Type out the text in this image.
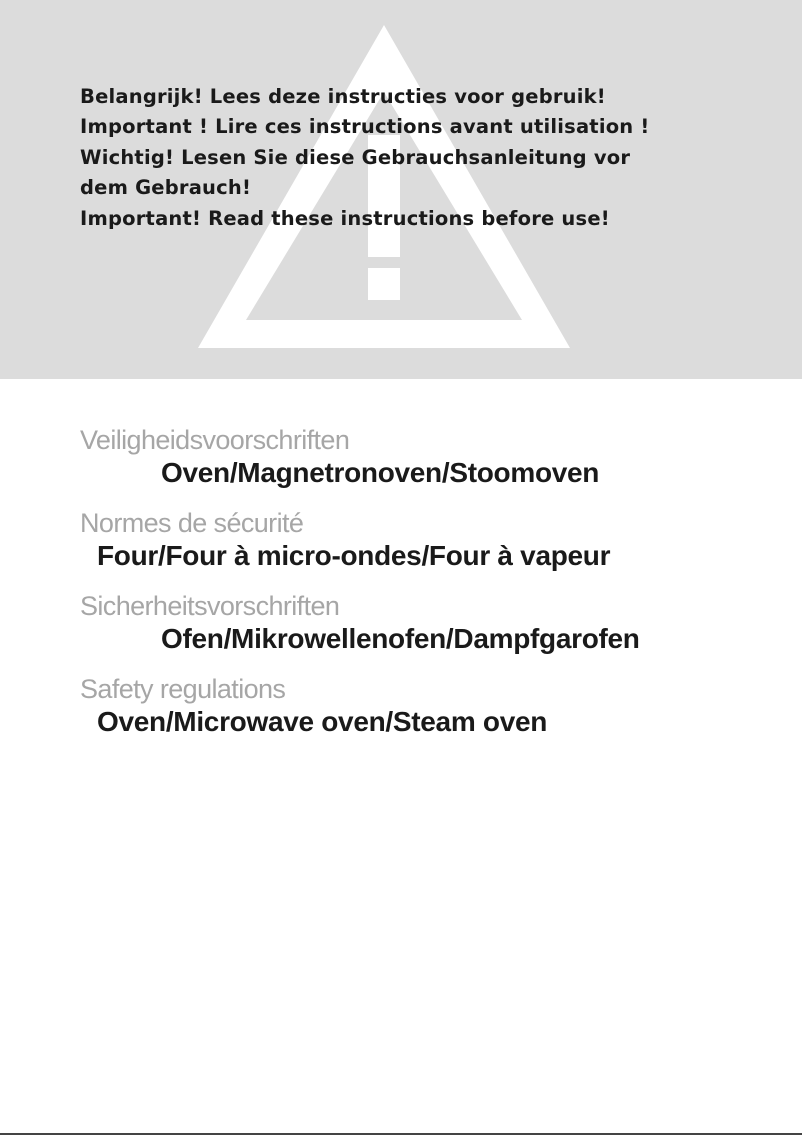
Belangrijk! Lees deze instructies voor gebruik!

Important ! Lire ces instructions avant utilisation !

Wichtig! Lesen Sie diese Gebrauchsanleitung vor

dem Gebrauch!

Important! Read these instructions before use!

Veiligheidsvoorschriften
Oven/Magnetronoven/Stoomoven
Normes de sécurité
Four/Four à micro-ondes/Four à vapeur
Sicherheitsvorschriften
Ofen/Mikrowellenofen/Dampfgarofen
Safety regulations
Oven/Microwave oven/Steam oven
